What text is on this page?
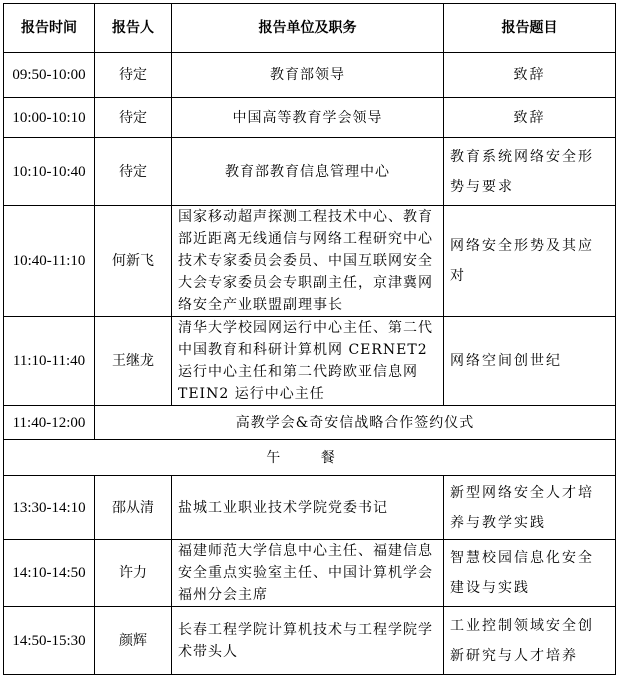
报告时间	报告人	报告单位及职务	报告题目
09:50-10:00	待定	教育部领导	致辞
10:00-10:10	待定	中国高等教育学会领导	致辞
10:10-10:40	待定	教育部教育信息管理中心	教育系统网络安全形势与要求
10:40-11:10	何新飞	国家移动超声探测工程技术中心、教育部近距离无线通信与网络工程研究中心技术专家委员会委员、中国互联网安全大会专家委员会专职副主任，京津冀网络安全产业联盟副理事长	网络安全形势及其应对
11:10-11:40	王继龙	清华大学校园网运行中心主任、第二代中国教育和科研计算机网 CERNET2 运行中心主任和第二代跨欧亚信息网 TEIN2 运行中心主任	网络空间创世纪
11:40-12:00	高教学会&奇安信战略合作签约仪式		
午 餐			
13:30-14:10	邵从清	盐城工业职业技术学院党委书记	新型网络安全人才培养与教学实践
14:10-14:50	许力	福建师范大学信息中心主任、福建信息安全重点实验室主任、中国计算机学会福州分会主席	智慧校园信息化安全建设与实践
14:50-15:30	颜辉	长春工程学院计算机技术与工程学院学术带头人	工业控制领域安全创新研究与人才培养
